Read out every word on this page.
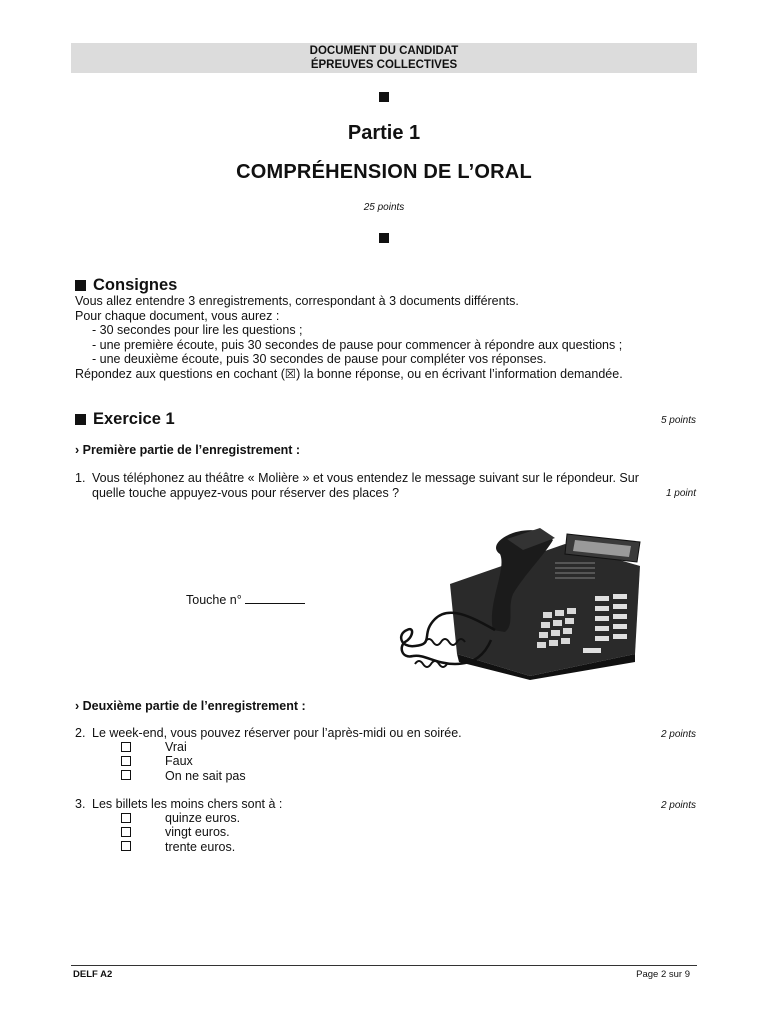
DOCUMENT DU CANDIDAT
ÉPREUVES COLLECTIVES
Partie 1
COMPRÉHENSION DE L’ORAL
25 points
Consignes
Vous allez entendre 3 enregistrements, correspondant à 3 documents différents.
Pour chaque document, vous aurez :
- 30 secondes pour lire les questions ;
- une première écoute, puis 30 secondes de pause pour commencer à répondre aux questions ;
- une deuxième écoute, puis 30 secondes de pause pour compléter vos réponses.
Répondez aux questions en cochant (☒) la bonne réponse, ou en écrivant l’information demandée.
Exercice 1	5 points
› Première partie de l’enregistrement :
1. Vous téléphonez au théâtre « Molière » et vous entendez le message suivant sur le répondeur. Sur
quelle touche appuyez-vous pour réserver des places ?	1 point
Touche n°
› Deuxième partie de l’enregistrement :
2. Le week-end, vous pouvez réserver pour l’après-midi ou en soirée.	2 points
Vrai
Faux
On ne sait pas
3. Les billets les moins chers sont à :	2 points
quinze euros.
vingt euros.
trente euros.
DELF A2	Page 2 sur 9
